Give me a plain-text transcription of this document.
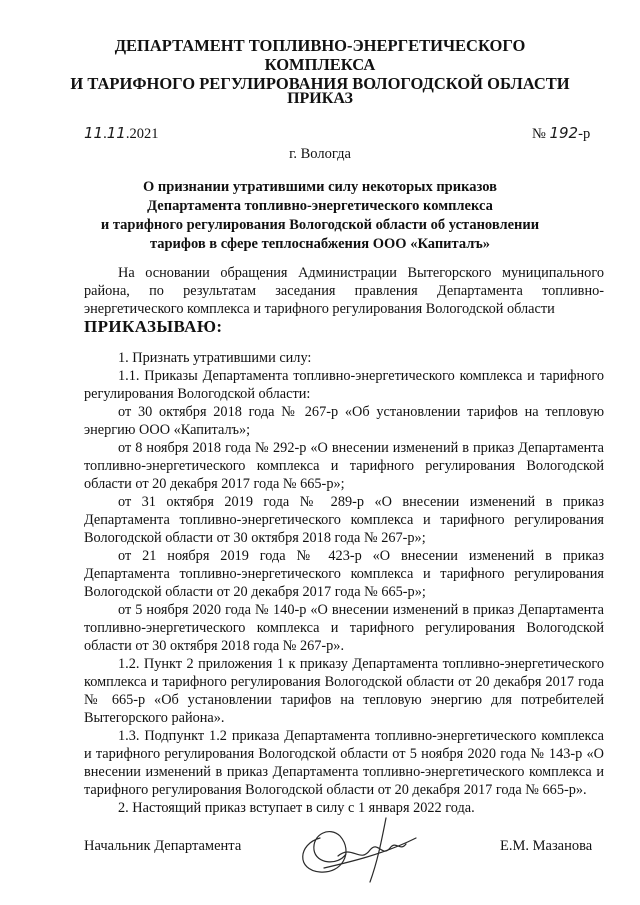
ДЕПАРТАМЕНТ ТОПЛИВНО-ЭНЕРГЕТИЧЕСКОГО КОМПЛЕКСА
И ТАРИФНОГО РЕГУЛИРОВАНИЯ ВОЛОГОДСКОЙ ОБЛАСТИ
ПРИКАЗ
11.11.2021	№ 192-р
г. Вологда
О признании утратившими силу некоторых приказов
Департамента топливно-энергетического комплекса
и тарифного регулирования Вологодской области об установлении
тарифов в сфере теплоснабжения ООО «Капиталъ»

На основании обращения Администрации Вытегорского муниципального района, по результатам заседания правления Департамента топливно-энергетического комплекса и тарифного регулирования Вологодской области

ПРИКАЗЫВАЮ:

1. Признать утратившими силу:

1.1. Приказы Департамента топливно-энергетического комплекса и тарифного регулирования Вологодской области:

от 30 октября 2018 года № 267-р «Об установлении тарифов на тепловую энергию ООО «Капиталъ»;

от 8 ноября 2018 года № 292-р «О внесении изменений в приказ Департамента топливно-энергетического комплекса и тарифного регулирования Вологодской области от 20 декабря 2017 года № 665-р»;

от 31 октября 2019 года № 289-р «О внесении изменений в приказ Департамента топливно-энергетического комплекса и тарифного регулирования Вологодской области от 30 октября 2018 года № 267-р»;

от 21 ноября 2019 года № 423-р «О внесении изменений в приказ Департамента топливно-энергетического комплекса и тарифного регулирования Вологодской области от 20 декабря 2017 года № 665-р»;

от 5 ноября 2020 года № 140-р «О внесении изменений в приказ Департамента топливно-энергетического комплекса и тарифного регулирования Вологодской области от 30 октября 2018 года № 267-р».

1.2. Пункт 2 приложения 1 к приказу Департамента топливно-энергетического комплекса и тарифного регулирования Вологодской области от 20 декабря 2017 года № 665-р «Об установлении тарифов на тепловую энергию для потребителей Вытегорского района».

1.3. Подпункт 1.2 приказа Департамента топливно-энергетического комплекса и тарифного регулирования Вологодской области от 5 ноября 2020 года № 143-р «О внесении изменений в приказ Департамента топливно-энергетического комплекса и тарифного регулирования Вологодской области от 20 декабря 2017 года № 665-р».

2. Настоящий приказ вступает в силу с 1 января 2022 года.

Начальник Департамента	Е.М. Мазанова
